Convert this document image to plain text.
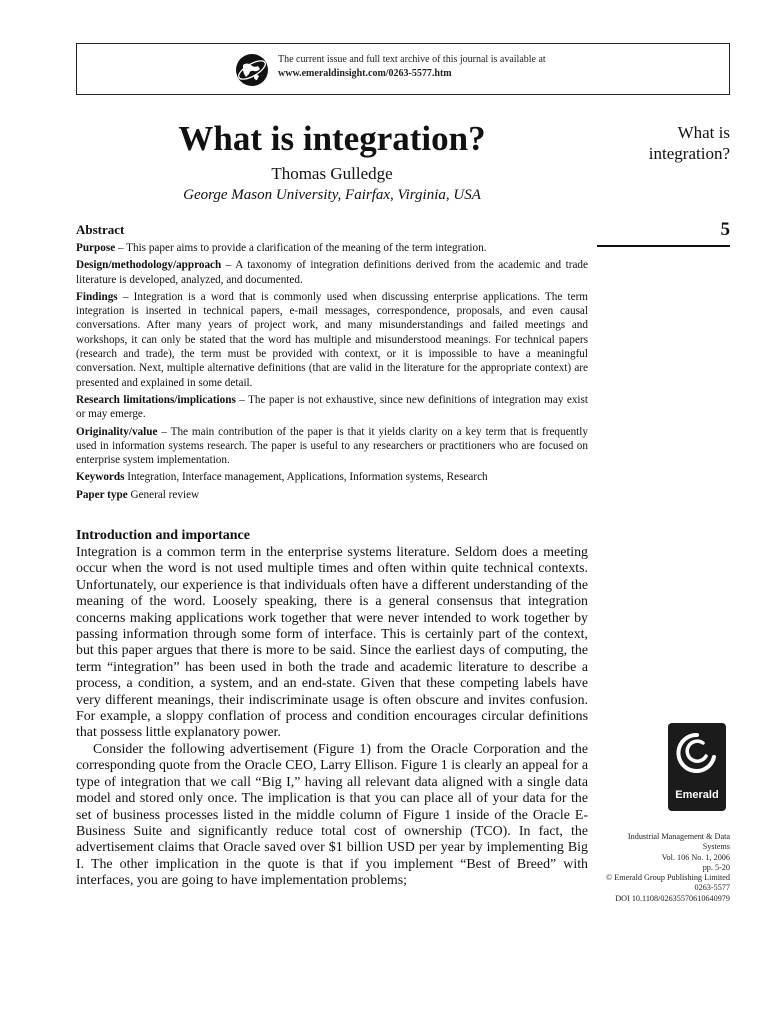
The current issue and full text archive of this journal is available at
www.emeraldinsight.com/0263-5577.htm
What is integration?
Thomas Gulledge
George Mason University, Fairfax, Virginia, USA
What is
integration?
5
Abstract

Purpose – This paper aims to provide a clarification of the meaning of the term integration.

Design/methodology/approach – A taxonomy of integration definitions derived from the academic and trade literature is developed, analyzed, and documented.

Findings – Integration is a word that is commonly used when discussing enterprise applications. The term integration is inserted in technical papers, e-mail messages, correspondence, proposals, and even causal conversations. After many years of project work, and many misunderstandings and failed meetings and workshops, it can only be stated that the word has multiple and misunderstood meanings. For technical papers (research and trade), the term must be provided with context, or it is impossible to have a meaningful conversation. Next, multiple alternative definitions (that are valid in the literature for the appropriate context) are presented and explained in some detail.

Research limitations/implications – The paper is not exhaustive, since new definitions of integration may exist or may emerge.

Originality/value – The main contribution of the paper is that it yields clarity on a key term that is frequently used in information systems research. The paper is useful to any researchers or practitioners who are focused on enterprise system implementation.

Keywords Integration, Interface management, Applications, Information systems, Research

Paper type General review

Introduction and importance

Integration is a common term in the enterprise systems literature. Seldom does a meeting occur when the word is not used multiple times and often within quite technical contexts. Unfortunately, our experience is that individuals often have a different understanding of the meaning of the word. Loosely speaking, there is a general consensus that integration concerns making applications work together that were never intended to work together by passing information through some form of interface. This is certainly part of the context, but this paper argues that there is more to be said. Since the earliest days of computing, the term “integration” has been used in both the trade and academic literature to describe a process, a condition, a system, and an end-state. Given that these competing labels have very different meanings, their indiscriminate usage is often obscure and invites confusion. For example, a sloppy conflation of process and condition encourages circular definitions that possess little explanatory power.

Consider the following advertisement (Figure 1) from the Oracle Corporation and the corresponding quote from the Oracle CEO, Larry Ellison. Figure 1 is clearly an appeal for a type of integration that we call “Big I,” having all relevant data aligned with a single data model and stored only once. The implication is that you can place all of your data for the set of business processes listed in the middle column of Figure 1 inside of the Oracle E-Business Suite and significantly reduce total cost of ownership (TCO). In fact, the advertisement claims that Oracle saved over $1 billion USD per year by implementing Big I. The other implication in the quote is that if you implement “Best of Breed” with interfaces, you are going to have implementation problems;

Emerald
Industrial Management & Data
Systems
Vol. 106 No. 1, 2006
pp. 5-20
© Emerald Group Publishing Limited
0263-5577
DOI 10.1108/02635570610640979
